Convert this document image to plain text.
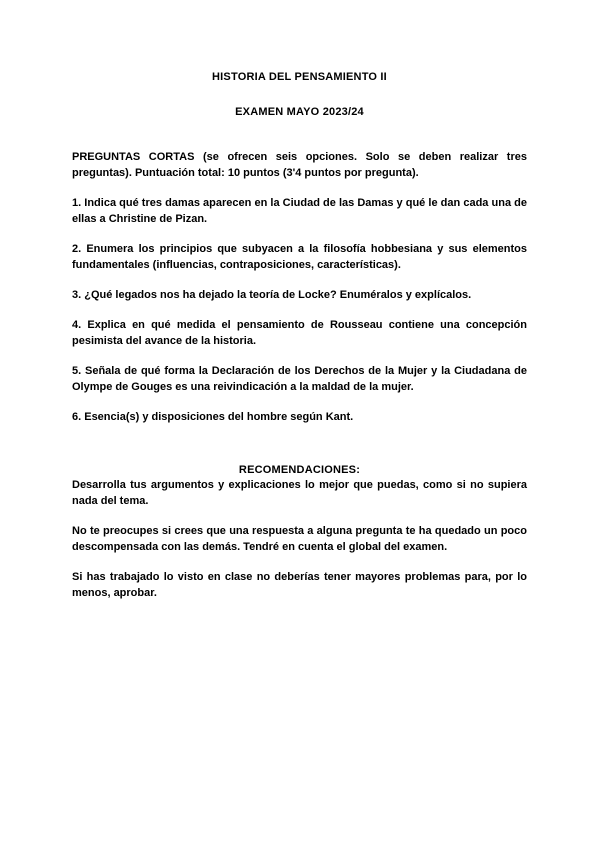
HISTORIA DEL PENSAMIENTO II
EXAMEN MAYO 2023/24

PREGUNTAS CORTAS (se ofrecen seis opciones. Solo se deben realizar tres preguntas). Puntuación total: 10 puntos (3'4 puntos por pregunta).

1. Indica qué tres damas aparecen en la Ciudad de las Damas y qué le dan cada una de ellas a Christine de Pizan.

2. Enumera los principios que subyacen a la filosofía hobbesiana y sus elementos fundamentales (influencias, contraposiciones, características).

3. ¿Qué legados nos ha dejado la teoría de Locke? Enuméralos y explícalos.

4. Explica en qué medida el pensamiento de Rousseau contiene una concepción pesimista del avance de la historia.

5. Señala de qué forma la Declaración de los Derechos de la Mujer y la Ciudadana de Olympe de Gouges es una reivindicación a la maldad de la mujer.

6. Esencia(s) y disposiciones del hombre según Kant.

RECOMENDACIONES:

Desarrolla tus argumentos y explicaciones lo mejor que puedas, como si no supiera nada del tema.

No te preocupes si crees que una respuesta a alguna pregunta te ha quedado un poco descompensada con las demás. Tendré en cuenta el global del examen.

Si has trabajado lo visto en clase no deberías tener mayores problemas para, por lo menos, aprobar.
